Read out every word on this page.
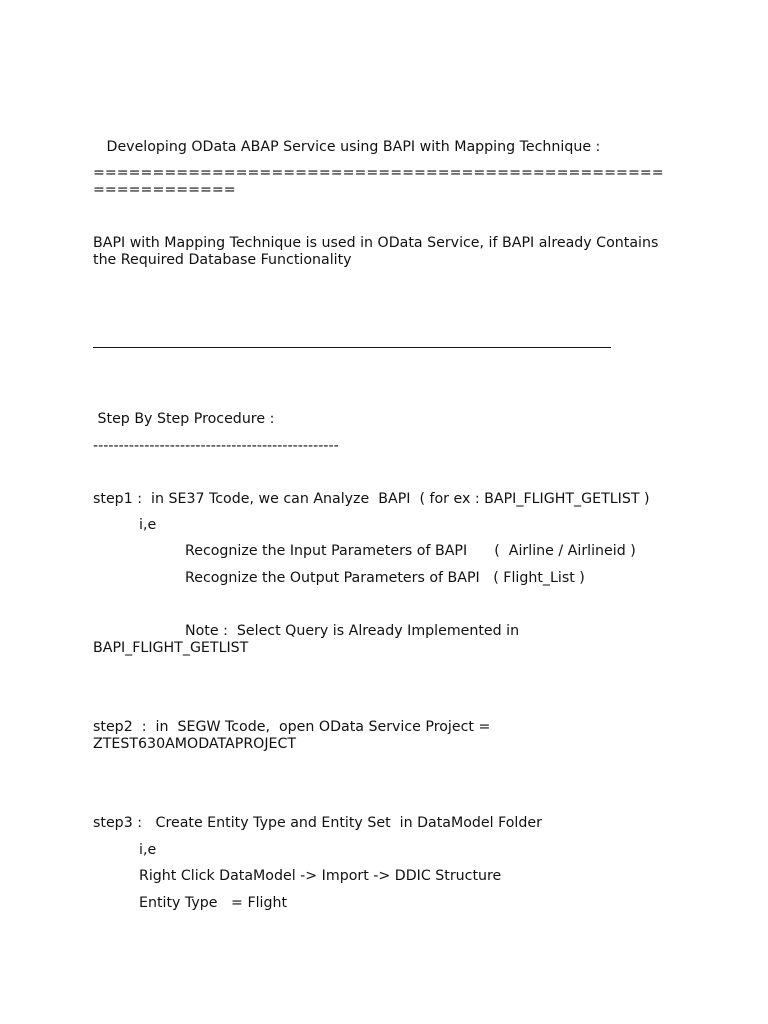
Developing OData ABAP Service using BAPI with Mapping Technique :
================================================
============
BAPI with Mapping Technique is used in OData Service, if BAPI already Contains the Required Database Functionality
Step By Step Procedure :
------------------------------------------------
step1 :  in SE37 Tcode, we can Analyze  BAPI  ( for ex : BAPI_FLIGHT_GETLIST )
i,e
Recognize the Input Parameters of BAPI      (  Airline / Airlineid )
Recognize the Output Parameters of BAPI   ( Flight_List )
Note :  Select Query is Already Implemented in
BAPI_FLIGHT_GETLIST
step2  :  in  SEGW Tcode,  open OData Service Project =
ZTEST630AMODATAPROJECT
step3 :   Create Entity Type and Entity Set  in DataModel Folder
i,e
Right Click DataModel -> Import -> DDIC Structure
Entity Type   = Flight
